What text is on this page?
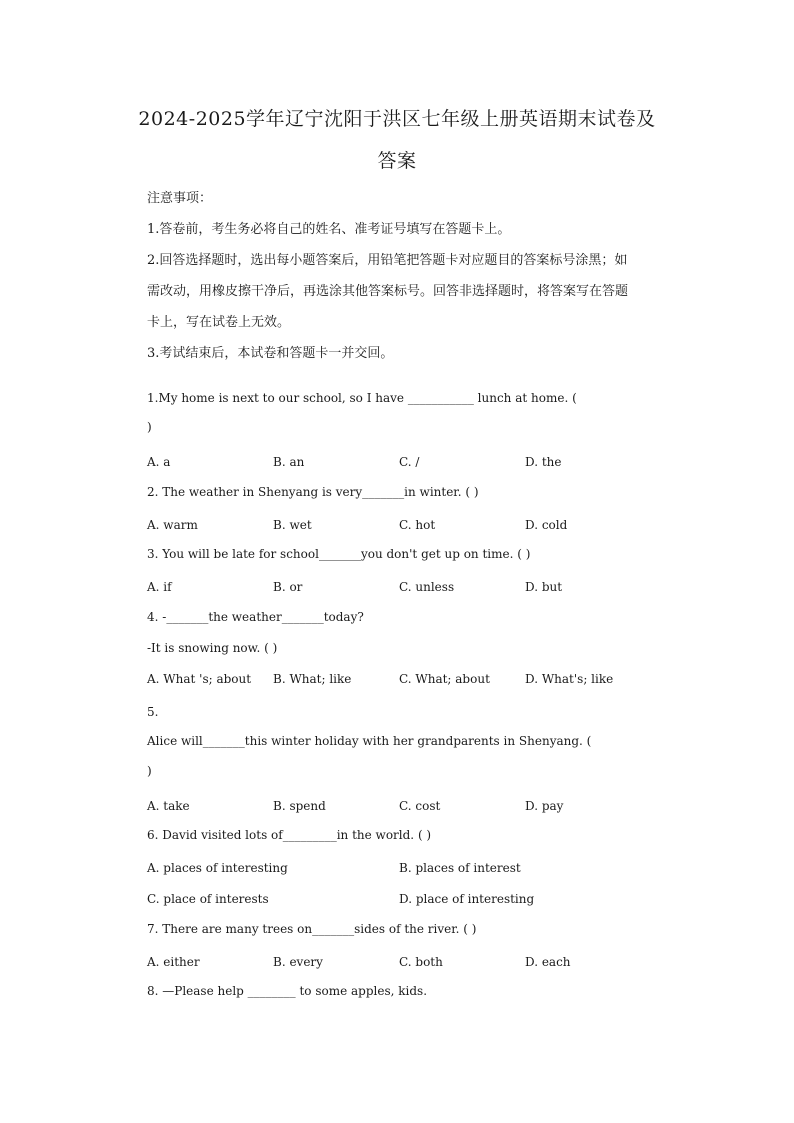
2024-2025学年辽宁沈阳于洪区七年级上册英语期末试卷及
答案
注意事项：
1.答卷前，考生务必将自己的姓名、准考证号填写在答题卡上。
2.回答选择题时，选出每小题答案后，用铅笔把答题卡对应题目的答案标号涂黑；如
需改动，用橡皮擦干净后，再选涂其他答案标号。回答非选择题时，将答案写在答题
卡上，写在试卷上无效。
3.考试结束后，本试卷和答题卡一并交回。
1.My home is next to our school, so I have ___________ lunch at home. (
)
A. a	B. an	C. /	D. the
2. The weather in Shenyang is very_______in winter. ( )
A. warm	B. wet	C. hot	D. cold
3. You will be late for school_______you don't get up on time. ( )
A. if	B. or	C. unless	D. but
4. -_______the weather_______today?
-It is snowing now. ( )
A. What 's; about B. What; like	C. What; about	D. What's; like
5.
Alice will_______this winter holiday with her grandparents in Shenyang. (
)
A. take	B. spend	C. cost	D. pay
6. David visited lots of_________in the world. ( )
A. places of interesting	B. places of interest
C. place of interests	D. place of interesting
7. There are many trees on_______sides of the river. ( )
A. either	B. every	C. both	D. each
8. —Please help ________ to some apples, kids.
